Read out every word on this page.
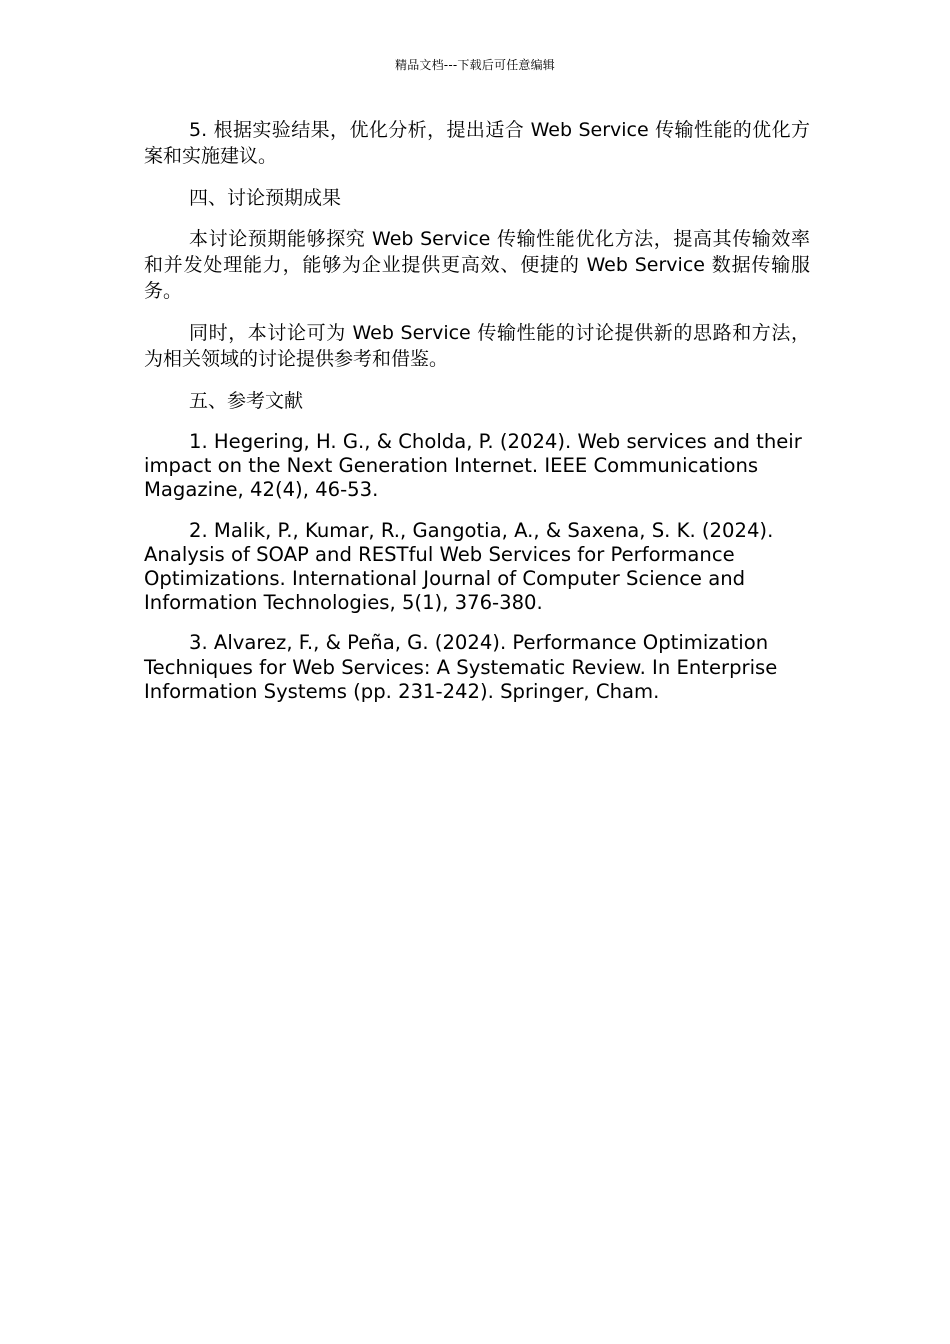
精品文档---下载后可任意编辑

5. 根据实验结果，优化分析，提出适合 Web Service 传输性能的优化方案和实施建议。

四、讨论预期成果

本讨论预期能够探究 Web Service 传输性能优化方法，提高其传输效率和并发处理能力，能够为企业提供更高效、便捷的 Web Service 数据传输服务。

同时，本讨论可为 Web Service 传输性能的讨论提供新的思路和方法，为相关领域的讨论提供参考和借鉴。

五、参考文献

1. Hegering, H. G., & Cholda, P. (2024). Web services and their impact on the Next Generation Internet. IEEE Communications Magazine, 42(4), 46-53.

2. Malik, P., Kumar, R., Gangotia, A., & Saxena, S. K. (2024). Analysis of SOAP and RESTful Web Services for Performance Optimizations. International Journal of Computer Science and Information Technologies, 5(1), 376-380.

3. Alvarez, F., & Peña, G. (2024). Performance Optimization Techniques for Web Services: A Systematic Review. In Enterprise Information Systems (pp. 231-242). Springer, Cham.
